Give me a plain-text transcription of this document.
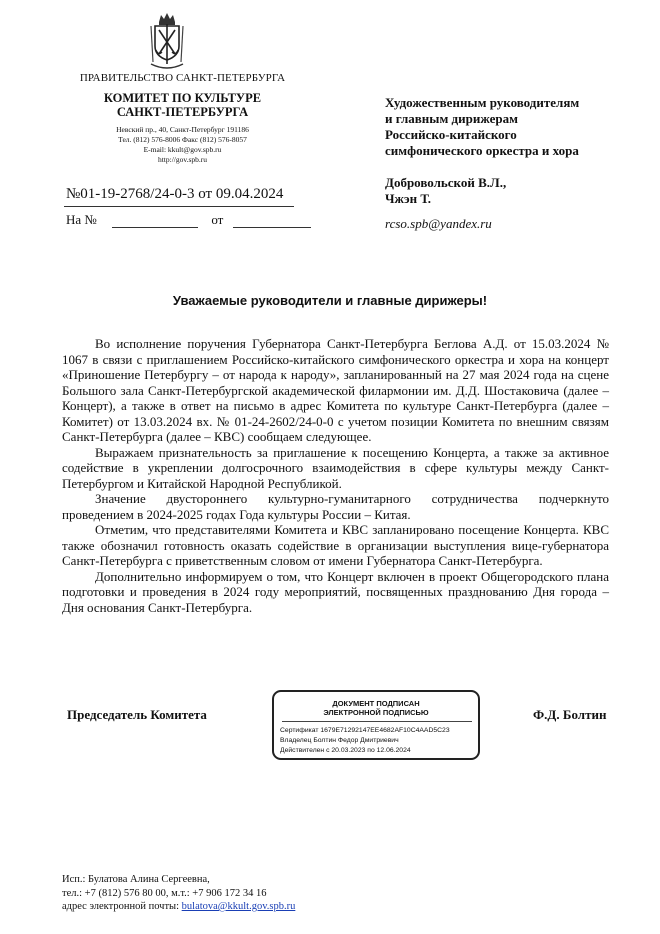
ПРАВИТЕЛЬСТВО САНКТ-ПЕТЕРБУРГА
КОМИТЕТ ПО КУЛЬТУРЕ
САНКТ-ПЕТЕРБУРГА
Невский пр., 40, Санкт-Петербург 191186
Тел. (812) 576-8006 Факс (812) 576-8057
E-mail: kkult@gov.spb.ru
http://gov.spb.ru
№01-19-2768/24-0-3 от 09.04.2024
На №	от
Художественным руководителям
и главным дирижерам
Российско-китайского
симфонического оркестра и хора
Добровольской В.Л.,
Чжэн Т.
rcso.spb@yandex.ru
Уважаемые руководители и главные дирижеры!

Во исполнение поручения Губернатора Санкт-Петербурга Беглова А.Д. от 15.03.2024 № 1067 в связи с приглашением Российско-китайского симфонического оркестра и хора на концерт «Приношение Петербургу – от народа к народу», запланированный на 27 мая 2024 года на сцене Большого зала Санкт-Петербургской академической филармонии им. Д.Д. Шостаковича (далее – Концерт), а также в ответ на письмо в адрес Комитета по культуре Санкт-Петербурга (далее – Комитет) от 13.03.2024 вх. № 01-24-2602/24-0-0 с учетом позиции Комитета по внешним связям Санкт-Петербурга (далее – КВС) сообщаем следующее.

Выражаем признательность за приглашение к посещению Концерта, а также за активное содействие в укреплении долгосрочного взаимодействия в сфере культуры между Санкт-Петербургом и Китайской Народной Республикой.

Значение двустороннего культурно-гуманитарного сотрудничества подчеркнуто проведением в 2024-2025 годах Года культуры России – Китая.

Отметим, что представителями Комитета и КВС запланировано посещение Концерта. КВС также обозначил готовность оказать содействие в организации выступления вице-губернатора Санкт-Петербурга с приветственным словом от имени Губернатора Санкт-Петербурга.

Дополнительно информируем о том, что Концерт включен в проект Общегородского плана подготовки и проведения в 2024 году мероприятий, посвященных празднованию Дня города – Дня основания Санкт-Петербурга.

Председатель Комитета
ДОКУМЕНТ ПОДПИСАН
ЭЛЕКТРОННОЙ ПОДПИСЬЮ
Сертификат 1679E71292147EE4682AF10C4AAD5C23
Владелец Болтин Федор Дмитриевич
Действителен с 20.03.2023 по 12.06.2024
Ф.Д. Болтин
Исп.: Булатова Алина Сергеевна,
тел.: +7 (812) 576 80 00, м.т.: +7 906 172 34 16
адрес электронной почты: bulatova@kkult.gov.spb.ru
